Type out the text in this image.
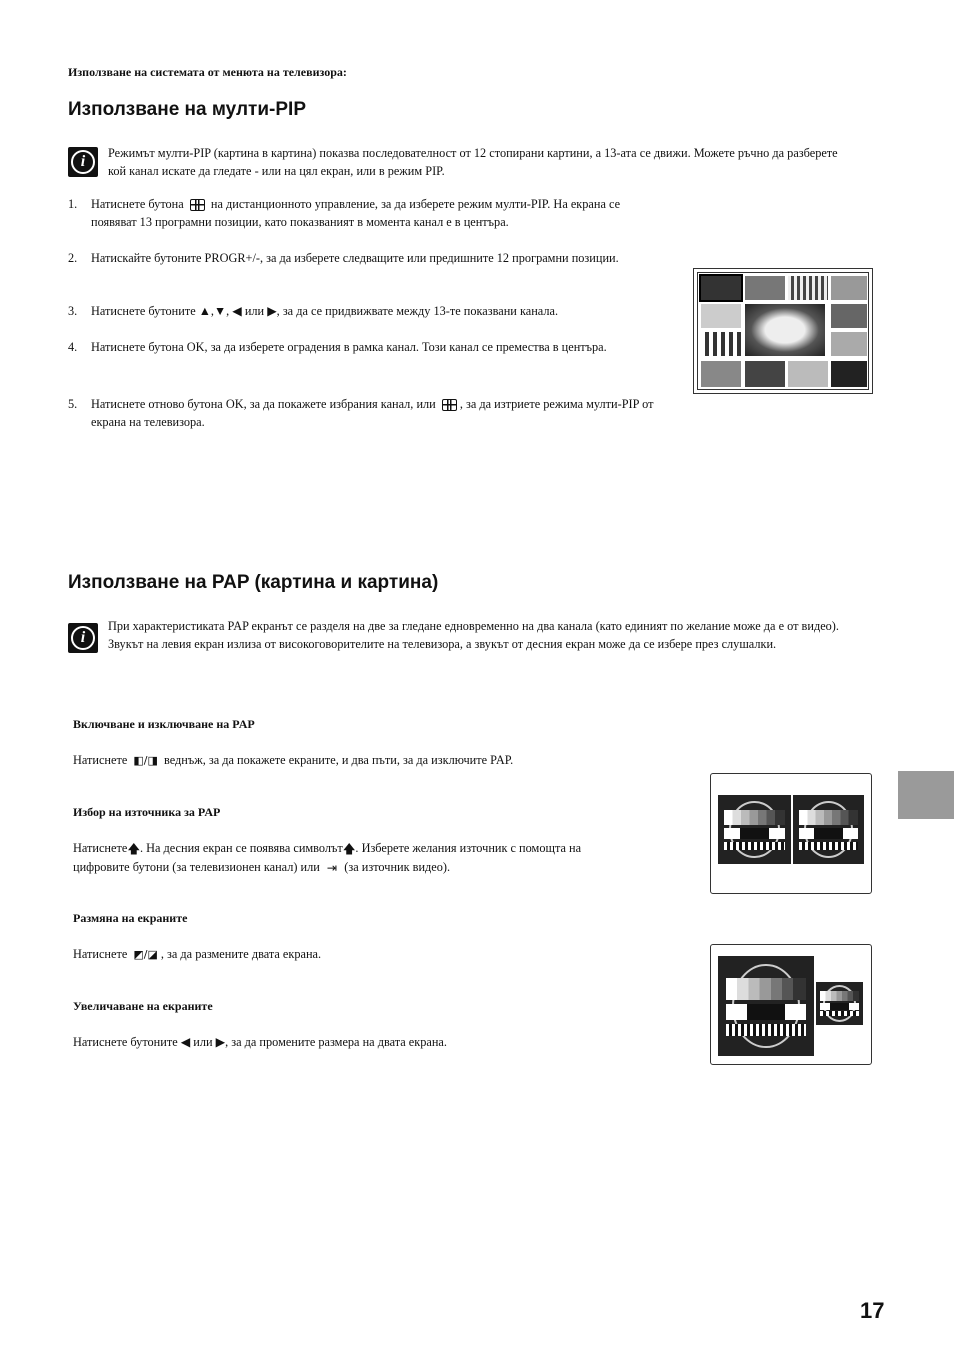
Използване на системата от менюта на телевизора:
Използване на мулти-PIP
i	Режимът мулти-PIP (картина в картина) показва последователност от 12 стопирани картини, а 13-ата се движи. Можете ръчно да разберете кой канал искате да гледате - или на цял екран, или в режим PIP.
1.	Натиснете бутона на дистанционното управление, за да изберете режим мулти-PIP. На екрана се появяват 13 програмни позиции, като показваният в момента канал е в центъра.
2.	Натискайте бутоните PROGR+/-, за да изберете следващите или предишните 12 програмни позиции.
3.	Натиснете бутоните ▲,▼, ◀ или ▶, за да се придвижвате между 13-те показвани канала.
4.	Натиснете бутона OK, за да изберете оградения в рамка канал. Този канал се премества в центъра.
5.	Натиснете отново бутона OK, за да покажете избрания канал, или , за да изтриете режима мулти-PIP от екрана на телевизора.
Използване на PAP (картина и картина)
i
При характеристиката PAP екранът се разделя на две за гледане едновременно на два канала (като единият по желание може да е от видео). Звукът на левия екран излиза от високоговорителите на телевизора, а звукът от десния екран може да се избере през слушалки.
Включване и изключване на PAP
Натиснете ◧/◨ веднъж, за да покажете екраните, и два пъти, за да изключите PAP.
Избор на източника за PAP
Натиснете🡅. На десния екран се появява символът🡅. Изберете желания източник с помощта на цифровите бутони (за телевизионен канал) или ⇥ (за източник видео).
Размяна на екраните
Натиснете ◩/◪ , за да размените двата екрана.
Увеличаване на екраните
Натиснете бутоните ◀ или ▶, за да промените размера на двата екрана.
17
